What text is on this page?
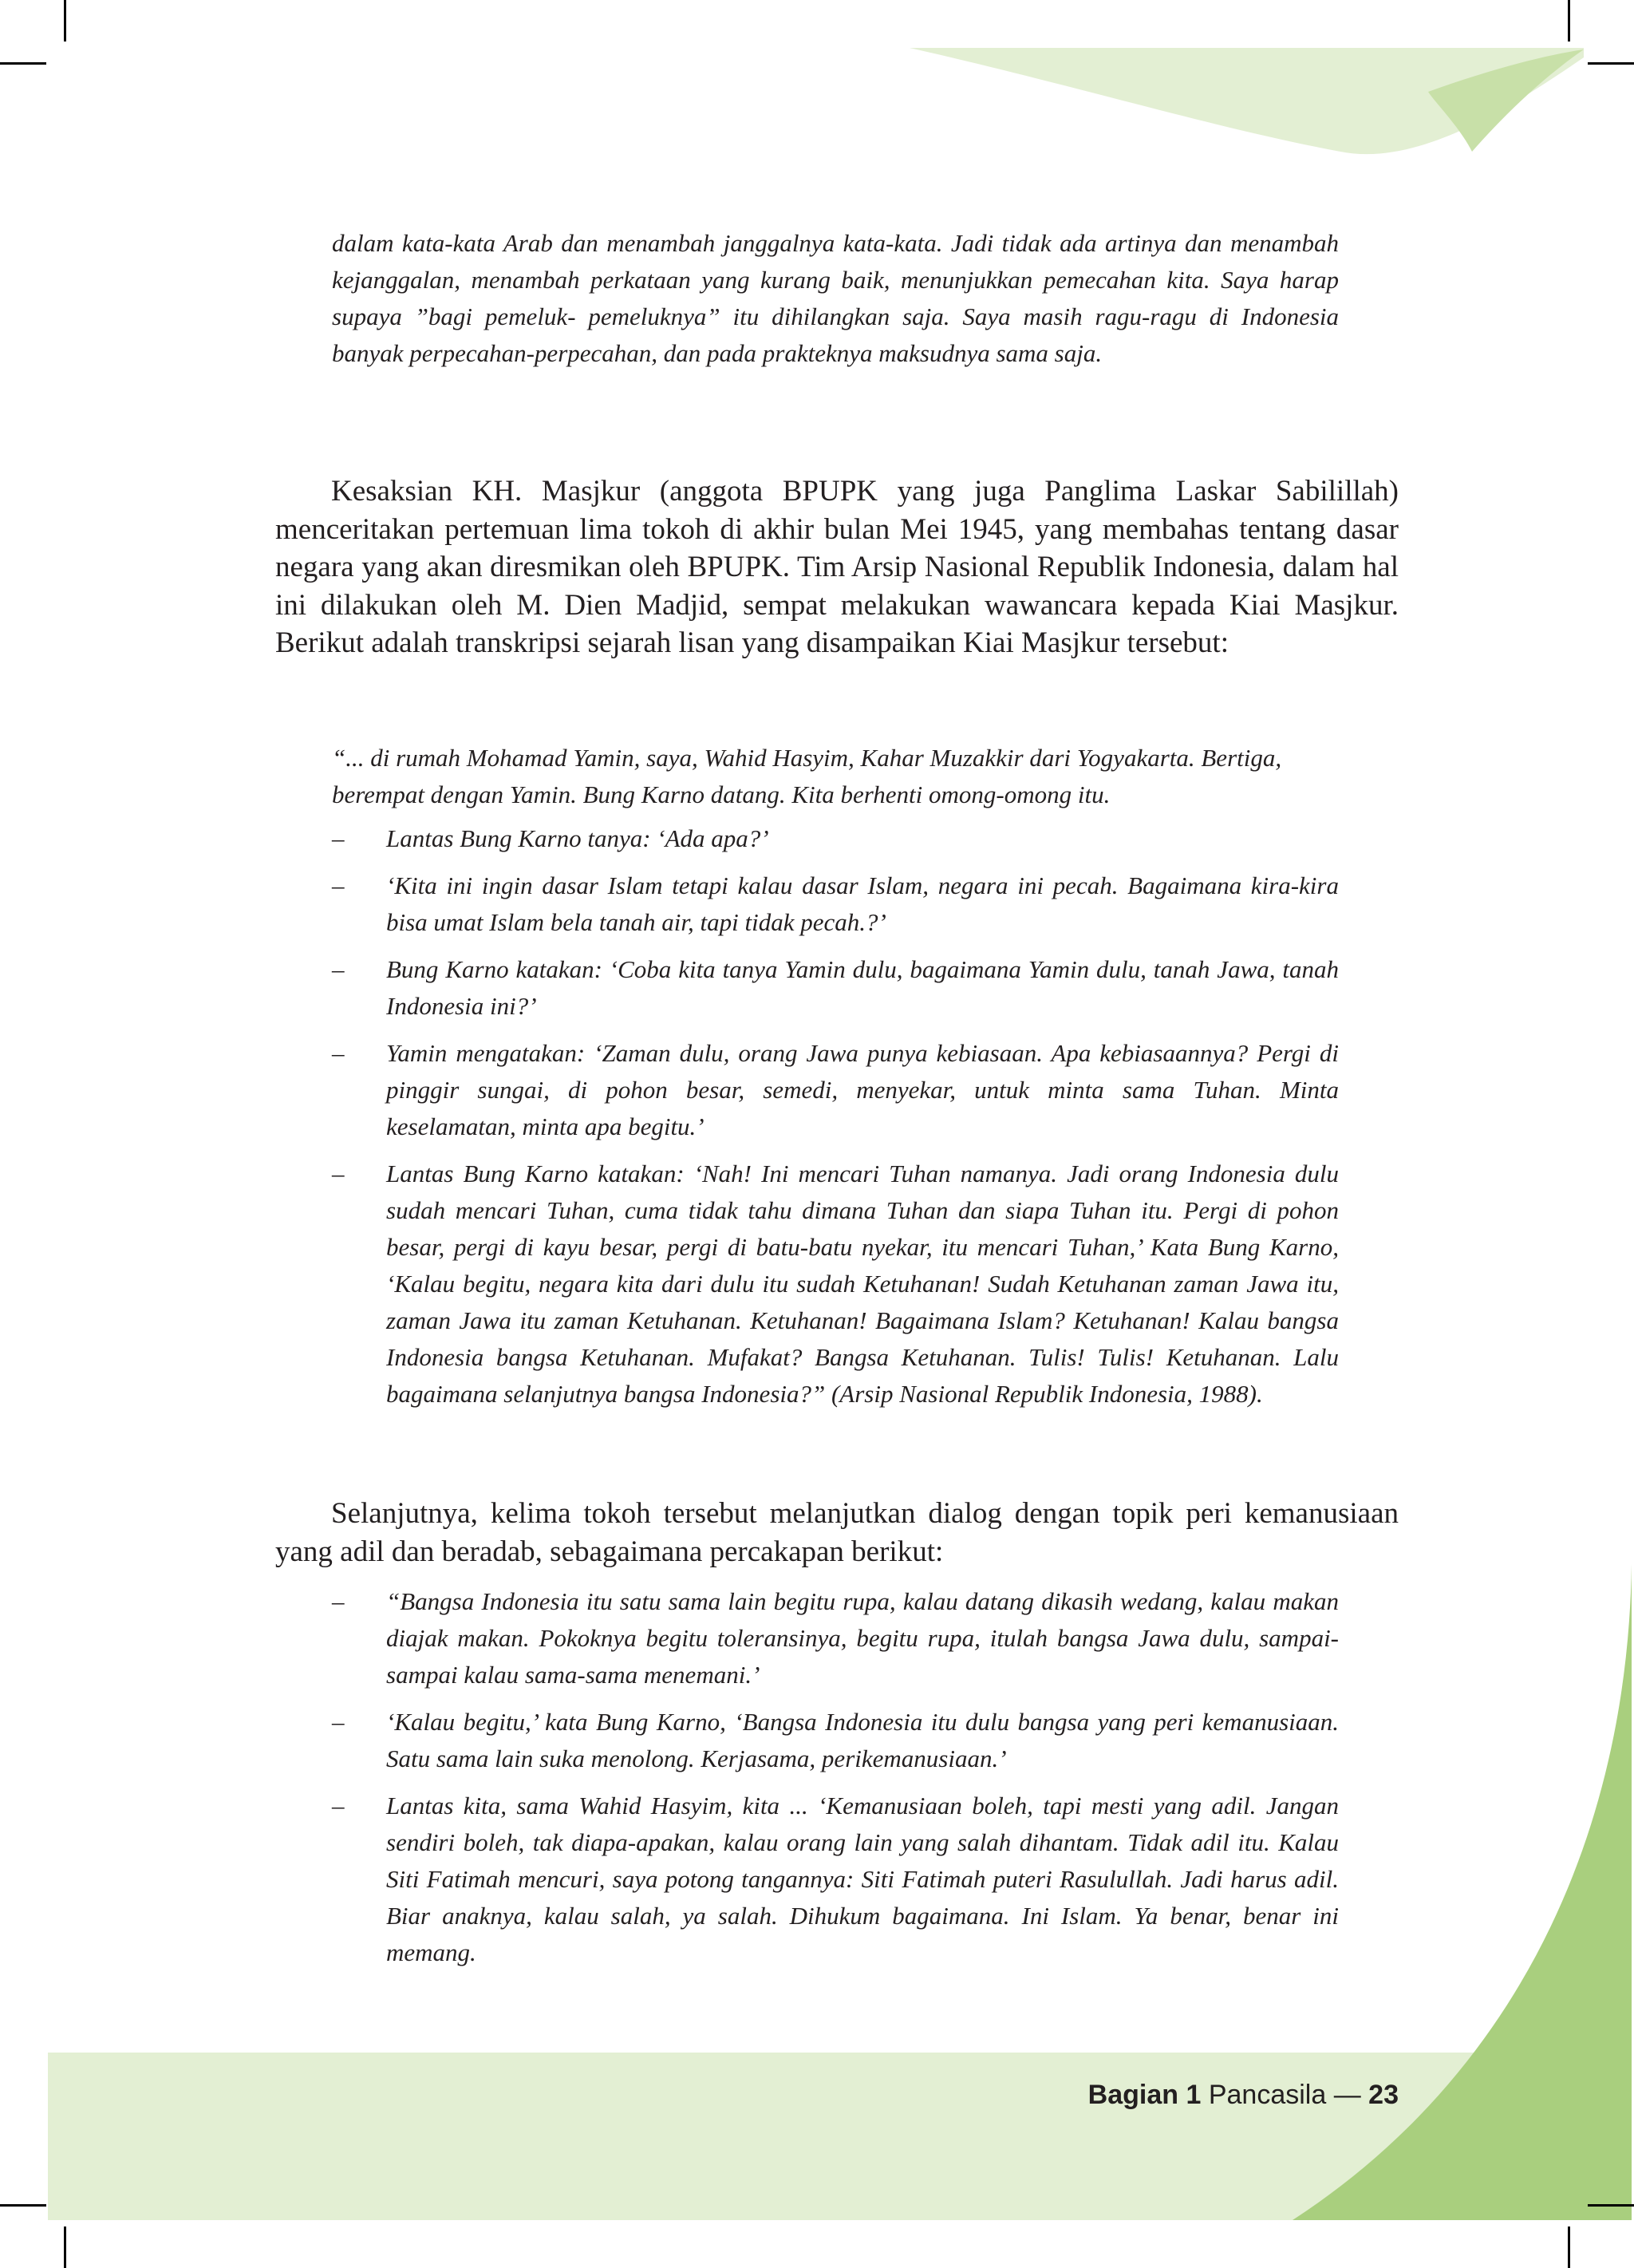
dalam kata-kata Arab dan menambah janggalnya kata-kata. Jadi tidak ada artinya dan menambah kejanggalan, menambah perkataan yang kurang baik, menunjukkan pemecahan kita. Saya harap supaya ”bagi pemeluk- pemeluknya” itu dihilangkan saja. Saya masih ragu-ragu di Indonesia banyak perpecahan-perpecahan, dan pada prakteknya maksudnya sama saja.

Kesaksian KH. Masjkur (anggota BPUPK yang juga Panglima Laskar Sabilillah) menceritakan pertemuan lima tokoh di akhir bulan Mei 1945, yang membahas tentang dasar negara yang akan diresmikan oleh BPUPK. Tim Arsip Nasional Republik Indonesia, dalam hal ini dilakukan oleh M. Dien Madjid, sempat melakukan wawancara kepada Kiai Masjkur. Berikut adalah transkripsi sejarah lisan yang disampaikan Kiai Masjkur tersebut:

“... di rumah Mohamad Yamin, saya, Wahid Hasyim, Kahar Muzakkir dari Yogyakarta. Bertiga, berempat dengan Yamin. Bung Karno datang. Kita berhenti omong-omong itu.
–	Lantas Bung Karno tanya: ‘Ada apa?’
–	‘Kita ini ingin dasar Islam tetapi kalau dasar Islam, negara ini pecah. Bagaimana kira-kira bisa umat Islam bela tanah air, tapi tidak pecah.?’
–	Bung Karno katakan: ‘Coba kita tanya Yamin dulu, bagaimana Yamin dulu, tanah Jawa, tanah Indonesia ini?’
–	Yamin mengatakan: ‘Zaman dulu, orang Jawa punya kebiasaan. Apa kebiasaannya? Pergi di pinggir sungai, di pohon besar, semedi, menyekar, untuk minta sama Tuhan. Minta keselamatan, minta apa begitu.’
–	Lantas Bung Karno katakan: ‘Nah! Ini mencari Tuhan namanya. Jadi orang Indonesia dulu sudah mencari Tuhan, cuma tidak tahu dimana Tuhan dan siapa Tuhan itu. Pergi di pohon besar, pergi di kayu besar, pergi di batu-batu nyekar, itu mencari Tuhan,’ Kata Bung Karno, ‘Kalau begitu, negara kita dari dulu itu sudah Ketuhanan! Sudah Ketuhanan zaman Jawa itu, zaman Jawa itu zaman Ketuhanan. Ketuhanan! Bagaimana Islam? Ketuhanan! Kalau bangsa Indonesia bangsa Ketuhanan. Mufakat? Bangsa Ketuhanan. Tulis! Tulis! Ketuhanan. Lalu bagaimana selanjutnya bangsa Indonesia?” (Arsip Nasional Republik Indonesia, 1988).

Selanjutnya, kelima tokoh tersebut melanjutkan dialog dengan topik peri kemanusiaan yang adil dan beradab, sebagaimana percakapan berikut:

–	“Bangsa Indonesia itu satu sama lain begitu rupa, kalau datang dikasih wedang, kalau makan diajak makan. Pokoknya begitu toleransinya, begitu rupa, itulah bangsa Jawa dulu, sampai-sampai kalau sama-sama menemani.’
–	‘Kalau begitu,’ kata Bung Karno, ‘Bangsa Indonesia itu dulu bangsa yang peri kemanusiaan. Satu sama lain suka menolong. Kerjasama, perikemanusiaan.’
–	Lantas kita, sama Wahid Hasyim, kita ... ‘Kemanusiaan boleh, tapi mesti yang adil. Jangan sendiri boleh, tak diapa-apakan, kalau orang lain yang salah dihantam. Tidak adil itu. Kalau Siti Fatimah mencuri, saya potong tangannya: Siti Fatimah puteri Rasulullah. Jadi harus adil. Biar anaknya, kalau salah, ya salah. Dihukum bagaimana. Ini Islam. Ya benar, benar ini memang.
Bagian 1 Pancasila — 23
